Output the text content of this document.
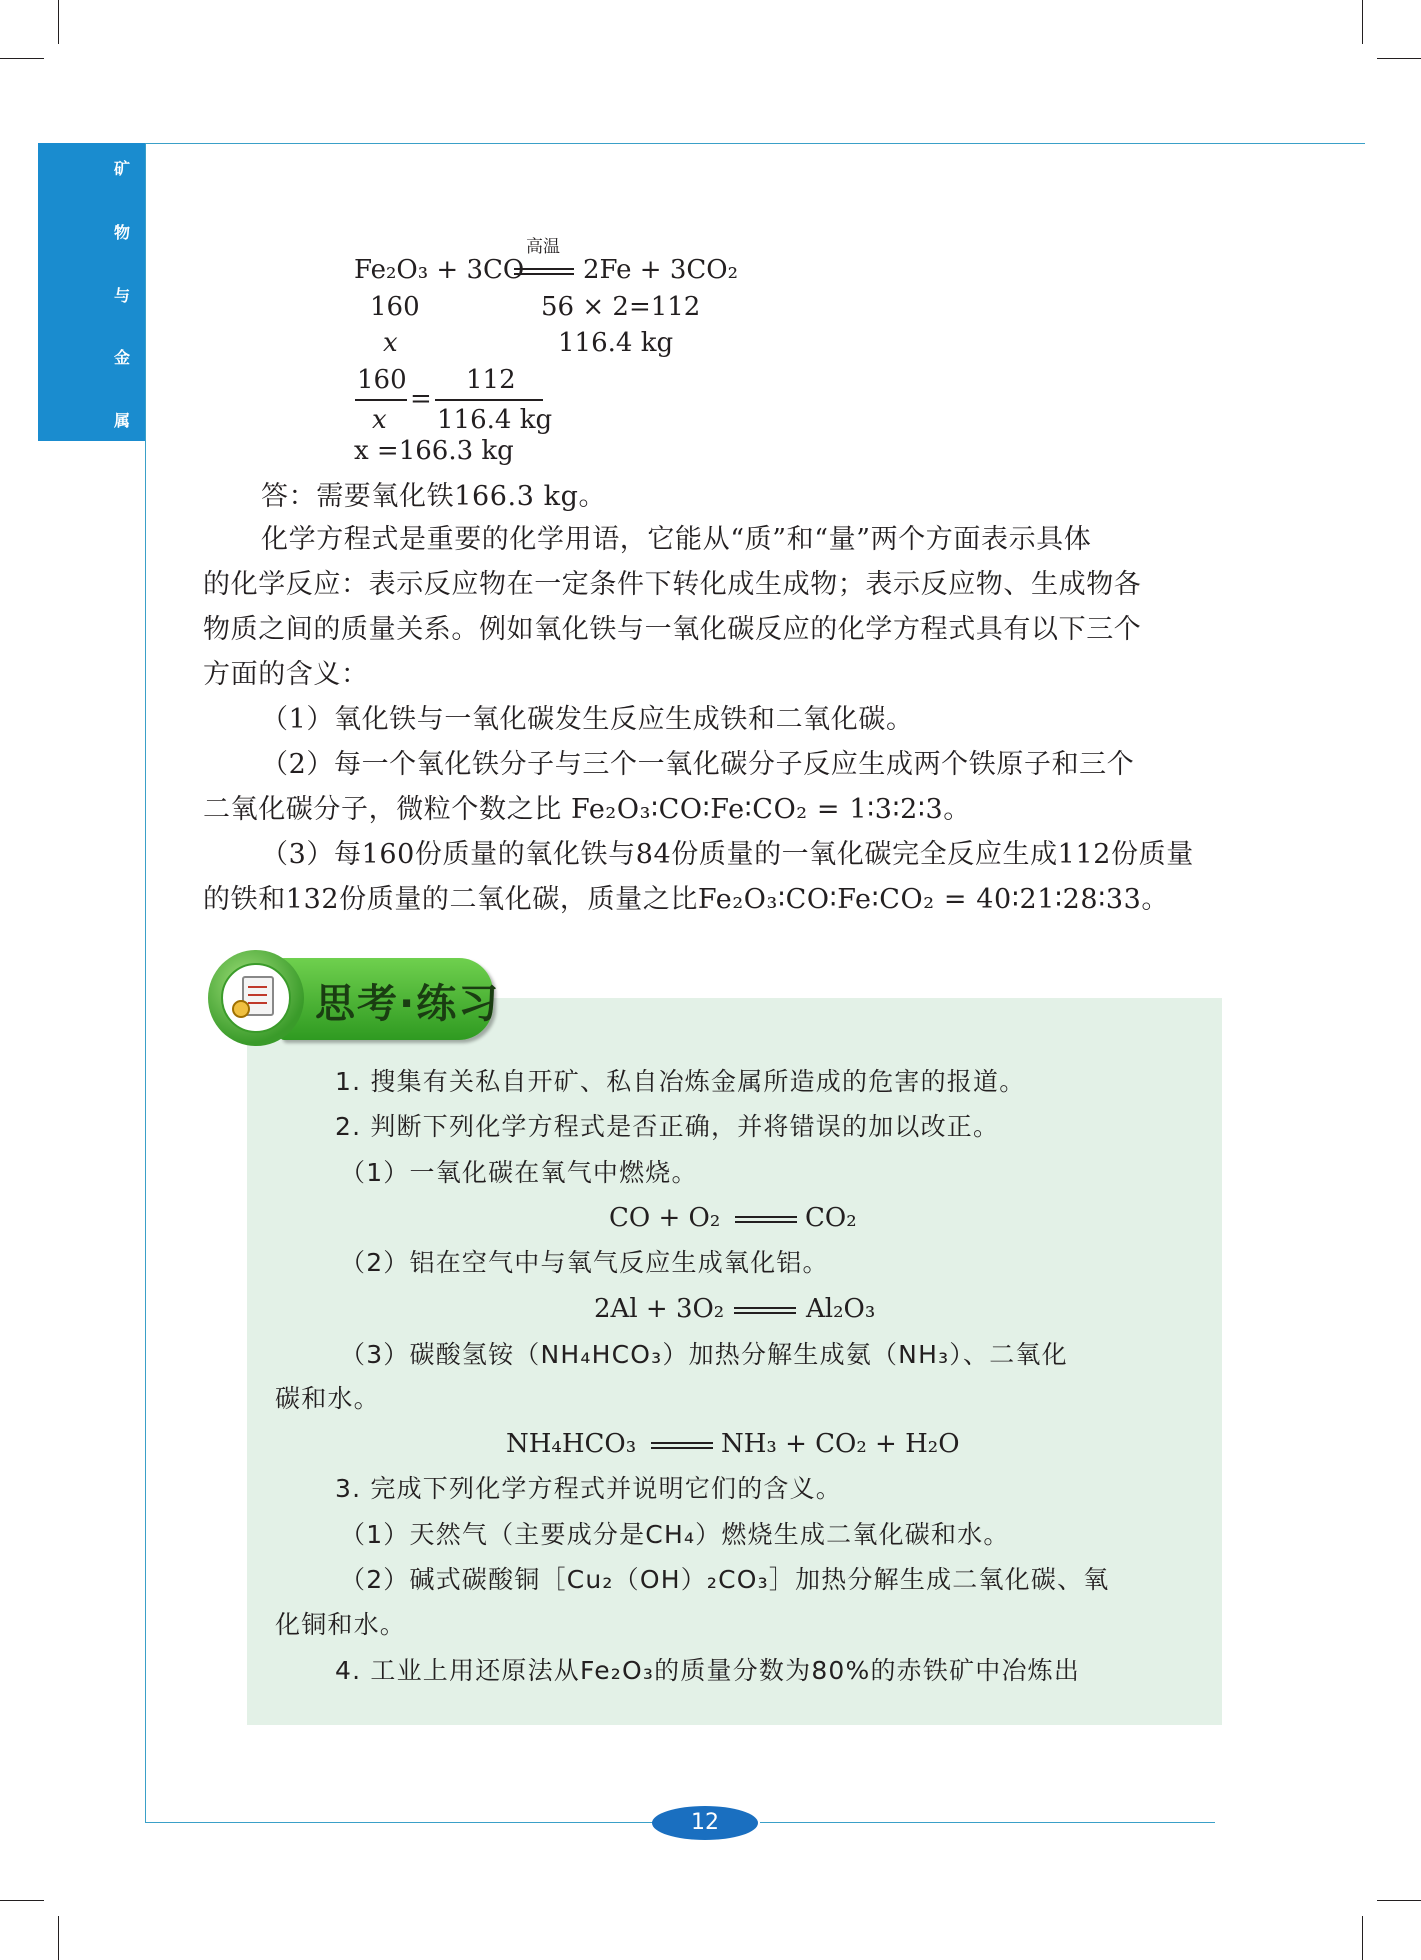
矿
物
与
金
属
Fe₂O₃ + 3CO
高温
2Fe + 3CO₂
160	56 × 2=112
x	116.4 kg
160
x
=
112
116.4 kg
x =166.3 kg
答：需要氧化铁166.3 kg。
化学方程式是重要的化学用语，它能从“质”和“量”两个方面表示具体
的化学反应：表示反应物在一定条件下转化成生成物；表示反应物、生成物各
物质之间的质量关系。例如氧化铁与一氧化碳反应的化学方程式具有以下三个
方面的含义：
（1）氧化铁与一氧化碳发生反应生成铁和二氧化碳。
（2）每一个氧化铁分子与三个一氧化碳分子反应生成两个铁原子和三个
二氧化碳分子，微粒个数之比 Fe₂O₃∶CO∶Fe∶CO₂ = 1∶3∶2∶3。
（3）每160份质量的氧化铁与84份质量的一氧化碳完全反应生成112份质量
的铁和132份质量的二氧化碳，质量之比Fe₂O₃∶CO∶Fe∶CO₂ = 40∶21∶28∶33。
思考·练习
1. 搜集有关私自开矿、私自冶炼金属所造成的危害的报道。
2. 判断下列化学方程式是否正确，并将错误的加以改正。
（1）一氧化碳在氧气中燃烧。
CO + O₂	CO₂
（2）铝在空气中与氧气反应生成氧化铝。
2Al + 3O₂	Al₂O₃
（3）碳酸氢铵（NH₄HCO₃）加热分解生成氨（NH₃）、二氧化
碳和水。
NH₄HCO₃	NH₃ + CO₂ + H₂O
3. 完成下列化学方程式并说明它们的含义。
（1）天然气（主要成分是CH₄）燃烧生成二氧化碳和水。
（2）碱式碳酸铜［Cu₂（OH）₂CO₃］加热分解生成二氧化碳、氧
化铜和水。
4. 工业上用还原法从Fe₂O₃的质量分数为80%的赤铁矿中冶炼出
12
